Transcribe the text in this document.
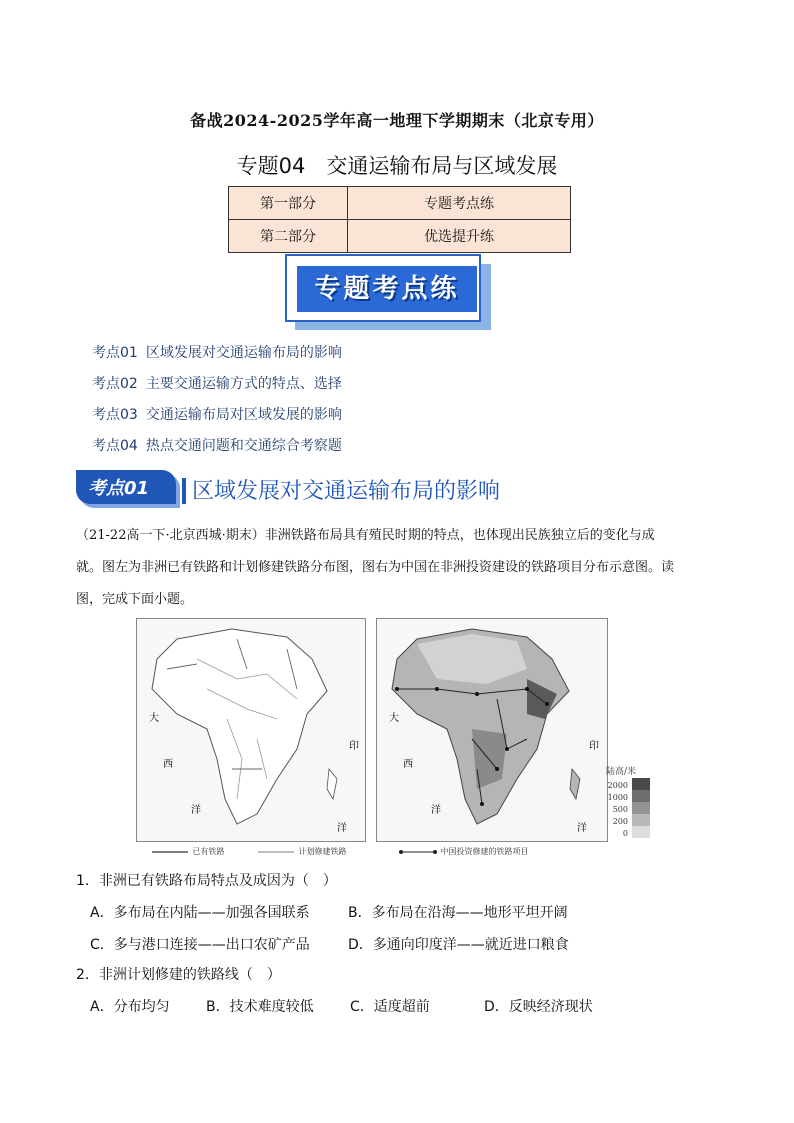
备战2024-2025学年高一地理下学期期末（北京专用）
专题04　交通运输布局与区域发展
第一部分	专题考点练
第二部分	优选提升练
专题考点练
考点01 区域发展对交通运输布局的影响
考点02 主要交通运输方式的特点、选择
考点03 交通运输布局对区域发展的影响
考点04 热点交通问题和交通综合考察题
考点01 区域发展对交通运输布局的影响
（21-22高一下·北京西城·期末）非洲铁路布局具有殖民时期的特点，也体现出民族独立后的变化与成
就。图左为非洲已有铁路和计划修建铁路分布图，图右为中国在非洲投资建设的铁路项目分布示意图。读
图，完成下面小题。
大
西
洋
印
洋
大
西
洋
印
洋
陆高/米
2000
1000
500
200
0
已有铁路	计划修建铁路	中国投资修建的铁路项目
1．非洲已有铁路布局特点及成因为（　）
A．多布局在内陆——加强各国联系	B．多布局在沿海——地形平坦开阔
C．多与港口连接——出口农矿产品	D．多通向印度洋——就近进口粮食
2．非洲计划修建的铁路线（　）
A．分布均匀	B．技术难度较低	C．适度超前	D．反映经济现状
